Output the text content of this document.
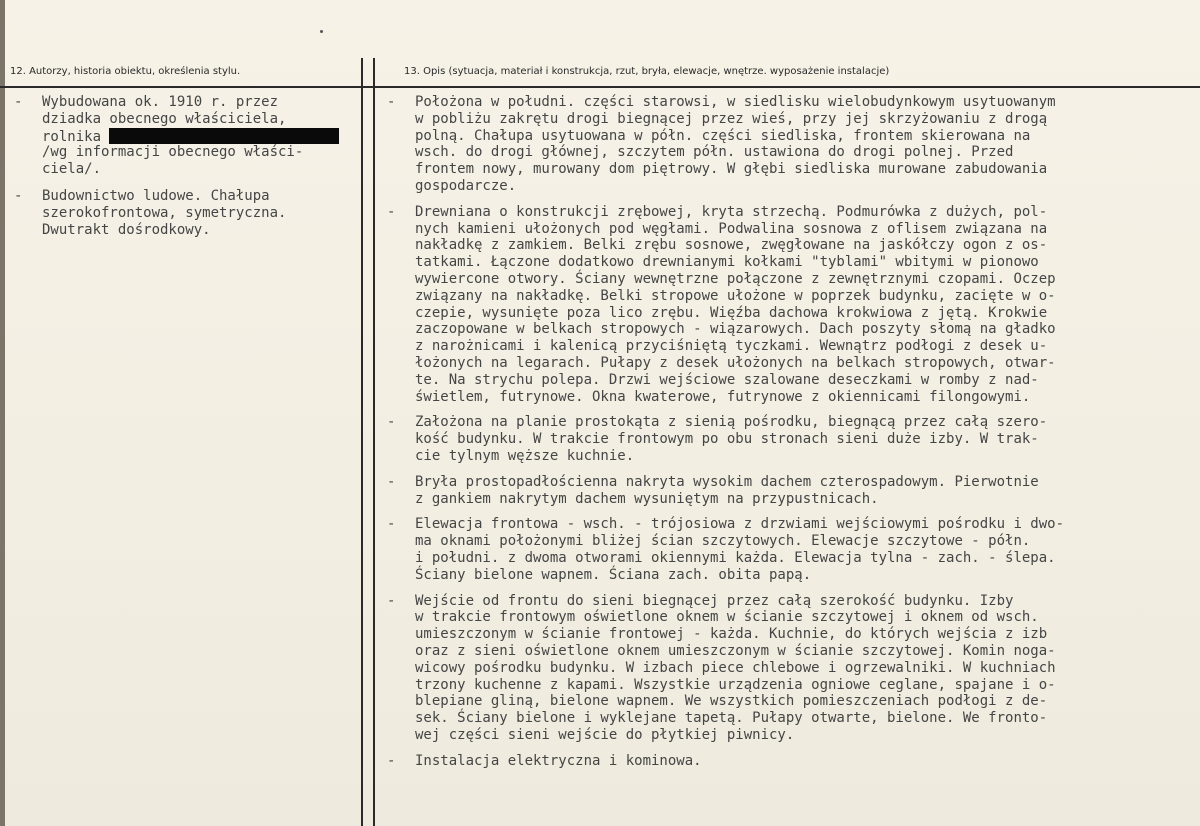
12. Autorzy, historia obiektu, określenia stylu.	13. Opis (sytuacja, materiał i konstrukcja, rzut, bryła, elewacje, wnętrze. wyposażenie instalacje)
-	Wybudowana ok. 1910 r. przez
dziadka obecnego właściciela,
rolnika
/wg informacji obecnego właści-
ciela/.
-	Budownictwo ludowe. Chałupa
szerokofrontowa, symetryczna.
Dwutrakt dośrodkowy.
-	Położona w południ. części starowsi, w siedlisku wielobudynkowym usytuowanym
w pobliżu zakrętu drogi biegnącej przez wieś, przy jej skrzyżowaniu z drogą
polną. Chałupa usytuowana w półn. części siedliska, frontem skierowana na
wsch. do drogi głównej, szczytem półn. ustawiona do drogi polnej. Przed
frontem nowy, murowany dom piętrowy. W głębi siedliska murowane zabudowania
gospodarcze.
-	Drewniana o konstrukcji zrębowej, kryta strzechą. Podmurówka z dużych, pol-
nych kamieni ułożonych pod węgłami. Podwalina sosnowa z oflisem związana na
nakładkę z zamkiem. Belki zrębu sosnowe, zwęgłowane na jaskółczy ogon z os-
tatkami. Łączone dodatkowo drewnianymi kołkami "tyblami" wbitymi w pionowo
wywiercone otwory. Ściany wewnętrzne połączone z zewnętrznymi czopami. Oczep
związany na nakładkę. Belki stropowe ułożone w poprzek budynku, zacięte w o-
czepie, wysunięte poza lico zrębu. Więźba dachowa krokwiowa z jętą. Krokwie
zaczopowane w belkach stropowych - wiązarowych. Dach poszyty słomą na gładko
z narożnicami i kalenicą przyciśniętą tyczkami. Wewnątrz podłogi z desek u-
łożonych na legarach. Pułapy z desek ułożonych na belkach stropowych, otwar-
te. Na strychu polepa. Drzwi wejściowe szalowane deseczkami w romby z nad-
świetlem, futrynowe. Okna kwaterowe, futrynowe z okiennicami filongowymi.
-	Założona na planie prostokąta z sienią pośrodku, biegnącą przez całą szero-
kość budynku. W trakcie frontowym po obu stronach sieni duże izby. W trak-
cie tylnym węższe kuchnie.
-	Bryła prostopadłościenna nakryta wysokim dachem czterospadowym. Pierwotnie
z gankiem nakrytym dachem wysuniętym na przypustnicach.
-	Elewacja frontowa - wsch. - trójosiowa z drzwiami wejściowymi pośrodku i dwo-
ma oknami położonymi bliżej ścian szczytowych. Elewacje szczytowe - półn.
i południ. z dwoma otworami okiennymi każda. Elewacja tylna - zach. - ślepa.
Ściany bielone wapnem. Ściana zach. obita papą.
-	Wejście od frontu do sieni biegnącej przez całą szerokość budynku. Izby
w trakcie frontowym oświetlone oknem w ścianie szczytowej i oknem od wsch.
umieszczonym w ścianie frontowej - każda. Kuchnie, do których wejścia z izb
oraz z sieni oświetlone oknem umieszczonym w ścianie szczytowej. Komin noga-
wicowy pośrodku budynku. W izbach piece chlebowe i ogrzewalniki. W kuchniach
trzony kuchenne z kapami. Wszystkie urządzenia ogniowe ceglane, spajane i o-
blepiane gliną, bielone wapnem. We wszystkich pomieszczeniach podłogi z de-
sek. Ściany bielone i wyklejane tapetą. Pułapy otwarte, bielone. We fronto-
wej części sieni wejście do płytkiej piwnicy.
-	Instalacja elektryczna i kominowa.
